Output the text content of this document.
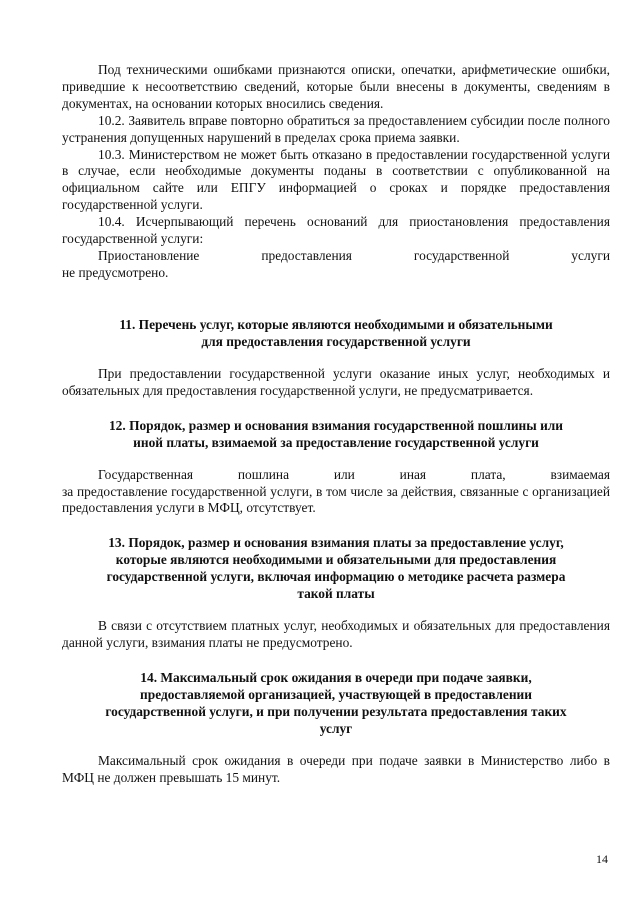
Под техническими ошибками признаются описки, опечатки, арифметические ошибки, приведшие к несоответствию сведений, которые были внесены в документы, сведениям в документах, на основании которых вносились сведения.

10.2. Заявитель вправе повторно обратиться за предоставлением субсидии после полного устранения допущенных нарушений в пределах срока приема заявки.

10.3. Министерством не может быть отказано в предоставлении государственной услуги в случае, если необходимые документы поданы в соответствии с опубликованной на официальном сайте или ЕПГУ информацией о сроках и порядке предоставления государственной услуги.

10.4. Исчерпывающий перечень оснований для приостановления предоставления государственной услуги:

Приостановление предоставления государственной услуги

не предусмотрено.

11. Перечень услуг, которые являются необходимыми и обязательными
для предоставления государственной услуги

При предоставлении государственной услуги оказание иных услуг, необходимых и обязательных для предоставления государственной услуги, не предусматривается.

12. Порядок, размер и основания взимания государственной пошлины или
иной платы, взимаемой за предоставление государственной услуги

Государственная пошлина или иная плата, взимаемая

за предоставление государственной услуги, в том числе за действия, связанные с организацией предоставления услуги в МФЦ, отсутствует.

13. Порядок, размер и основания взимания платы за предоставление услуг,
которые являются необходимыми и обязательными для предоставления
государственной услуги, включая информацию о методике расчета размера
такой платы

В связи с отсутствием платных услуг, необходимых и обязательных для предоставления данной услуги, взимания платы не предусмотрено.

14. Максимальный срок ожидания в очереди при подаче заявки,
предоставляемой организацией, участвующей в предоставлении
государственной услуги, и при получении результата предоставления таких
услуг

Максимальный срок ожидания в очереди при подаче заявки в Министерство либо в МФЦ не должен превышать 15 минут.

14
